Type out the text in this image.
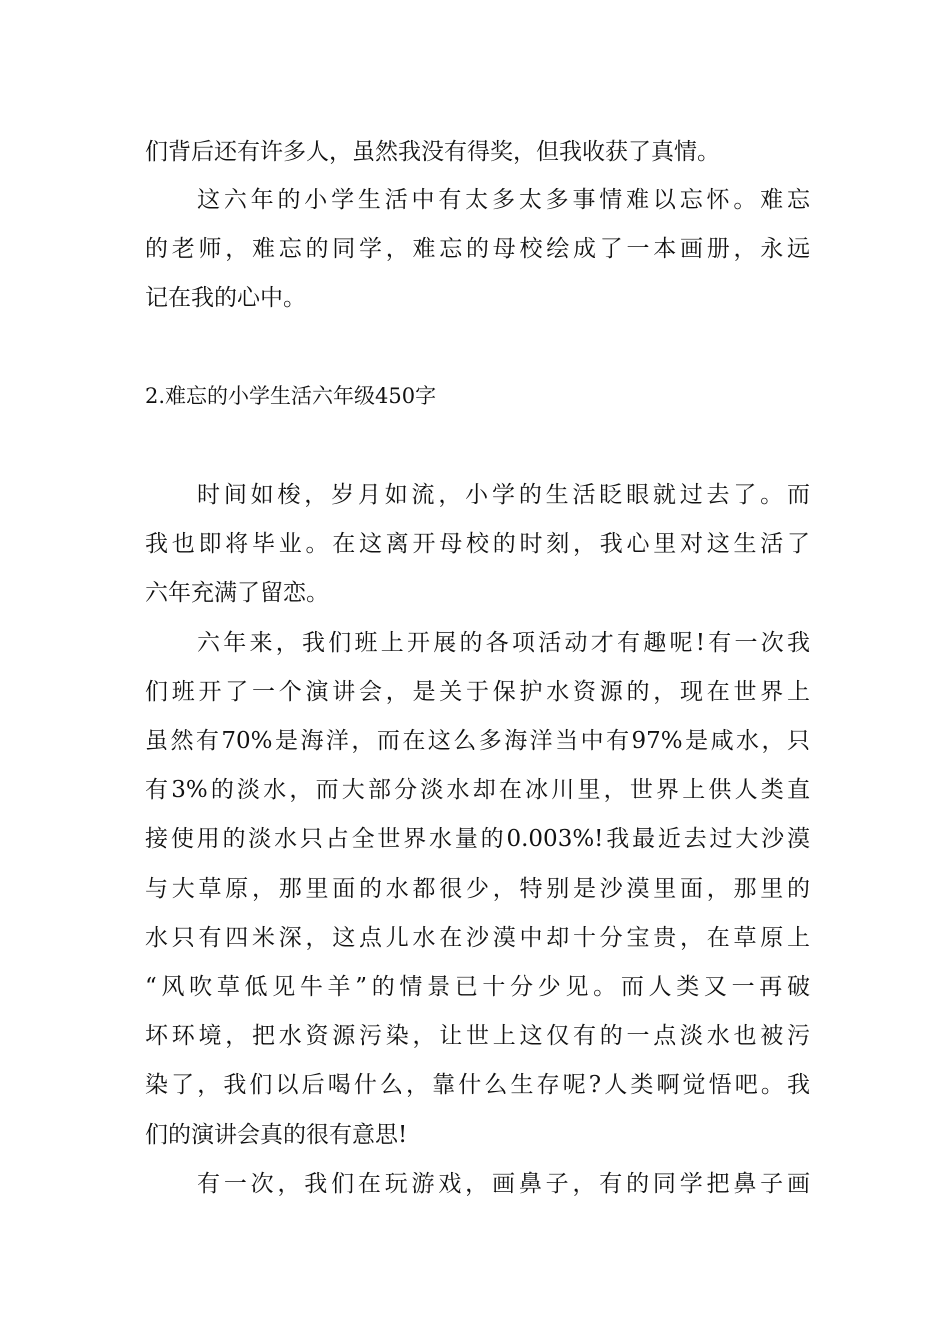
们背后还有许多人，虽然我没有得奖，但我收获了真情。
这六年的小学生活中有太多太多事情难以忘怀。难忘
的老师，难忘的同学，难忘的母校绘成了一本画册，永远
记在我的心中。
2.难忘的小学生活六年级450字
时间如梭，岁月如流，小学的生活眨眼就过去了。而
我也即将毕业。在这离开母校的时刻，我心里对这生活了
六年充满了留恋。
六年来，我们班上开展的各项活动才有趣呢!有一次我
们班开了一个演讲会，是关于保护水资源的，现在世界上
虽然有70%是海洋，而在这么多海洋当中有97%是咸水，只
有3%的淡水，而大部分淡水却在冰川里，世界上供人类直
接使用的淡水只占全世界水量的0.003%!我最近去过大沙漠
与大草原，那里面的水都很少，特别是沙漠里面，那里的
水只有四米深，这点儿水在沙漠中却十分宝贵，在草原上
“风吹草低见牛羊”的情景已十分少见。而人类又一再破
坏环境，把水资源污染，让世上这仅有的一点淡水也被污
染了，我们以后喝什么，靠什么生存呢?人类啊觉悟吧。我
们的演讲会真的很有意思!
有一次，我们在玩游戏，画鼻子，有的同学把鼻子画
